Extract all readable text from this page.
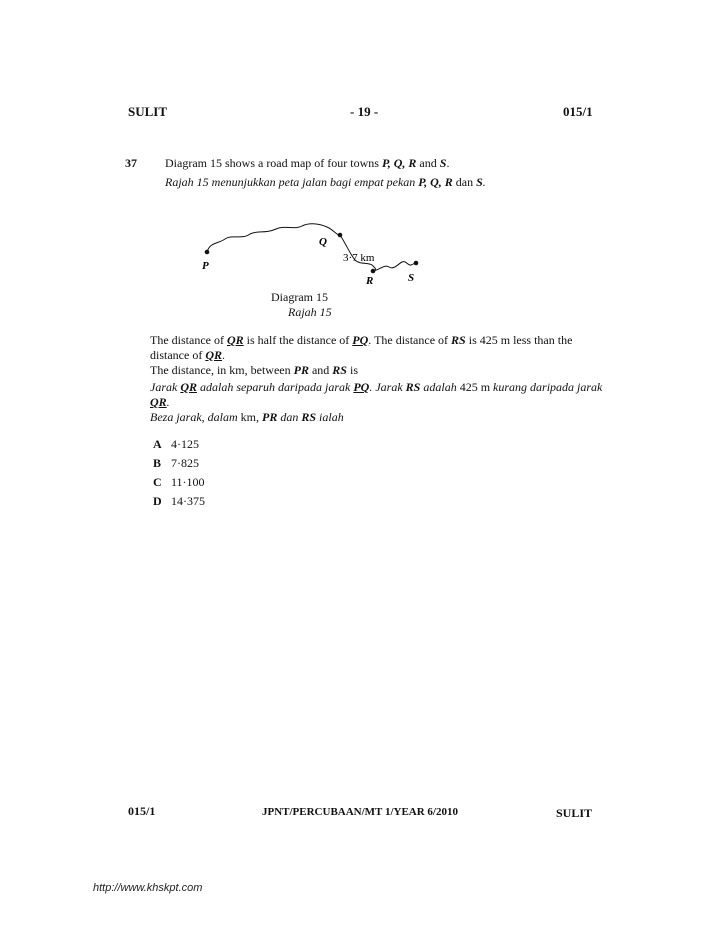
SULIT	- 19 -	015/1
37 Diagram 15 shows a road map of four towns P, Q, R and S.
Rajah 15 menunjukkan peta jalan bagi empat pekan P, Q, R dan S.
P
Q
R	S
3·7 km
Diagram 15
Rajah 15
The distance of QR is half the distance of PQ. The distance of RS is 425 m less than the
distance of QR.
The distance, in km, between PR and RS is
Jarak QR adalah separuh daripada jarak PQ. Jarak RS adalah 425 m kurang daripada jarak
QR.
Beza jarak, dalam km, PR dan RS ialah
A 4·125
B 7·825
C 11·100
D 14·375
015/1	JPNT/PERCUBAAN/MT 1/YEAR 6/2010	SULIT
http://www.khskpt.com
